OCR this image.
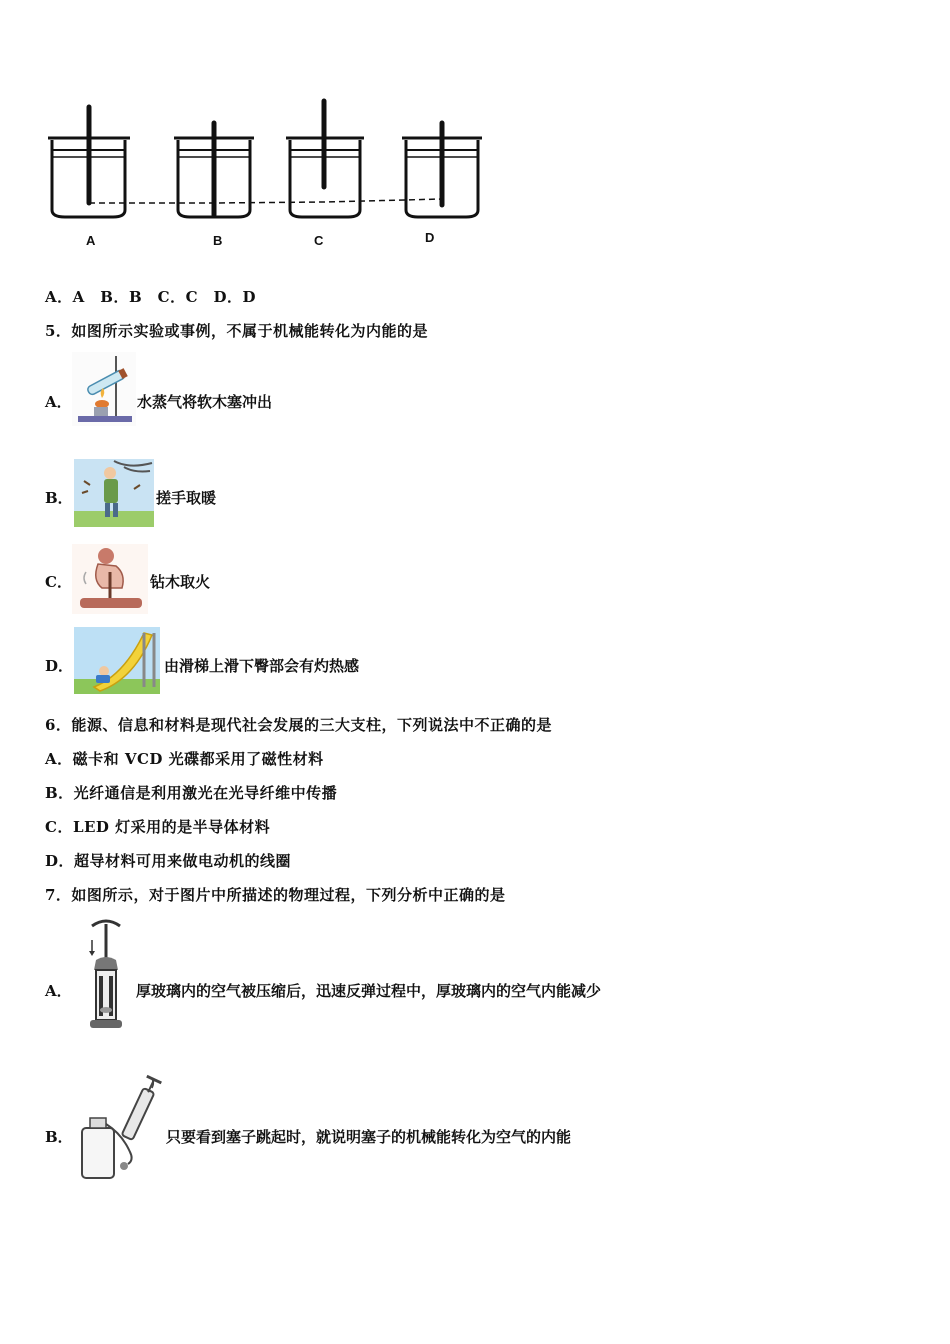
A	B	C	D
A．A　B．B　C．C　D．D
5．如图所示实验或事例，不属于机械能转化为内能的是
A．	水蒸气将软木塞冲出
B．	搓手取暖
C．	钻木取火
D．	由滑梯上滑下臀部会有灼热感
6．能源、信息和材料是现代社会发展的三大支柱，下列说法中不正确的是
A．磁卡和 VCD 光碟都采用了磁性材料
B．光纤通信是利用激光在光导纤维中传播
C．LED 灯采用的是半导体材料
D．超导材料可用来做电动机的线圈
7．如图所示，对于图片中所描述的物理过程，下列分析中正确的是
A．	厚玻璃内的空气被压缩后，迅速反弹过程中，厚玻璃内的空气内能减少
B．	只要看到塞子跳起时，就说明塞子的机械能转化为空气的内能
